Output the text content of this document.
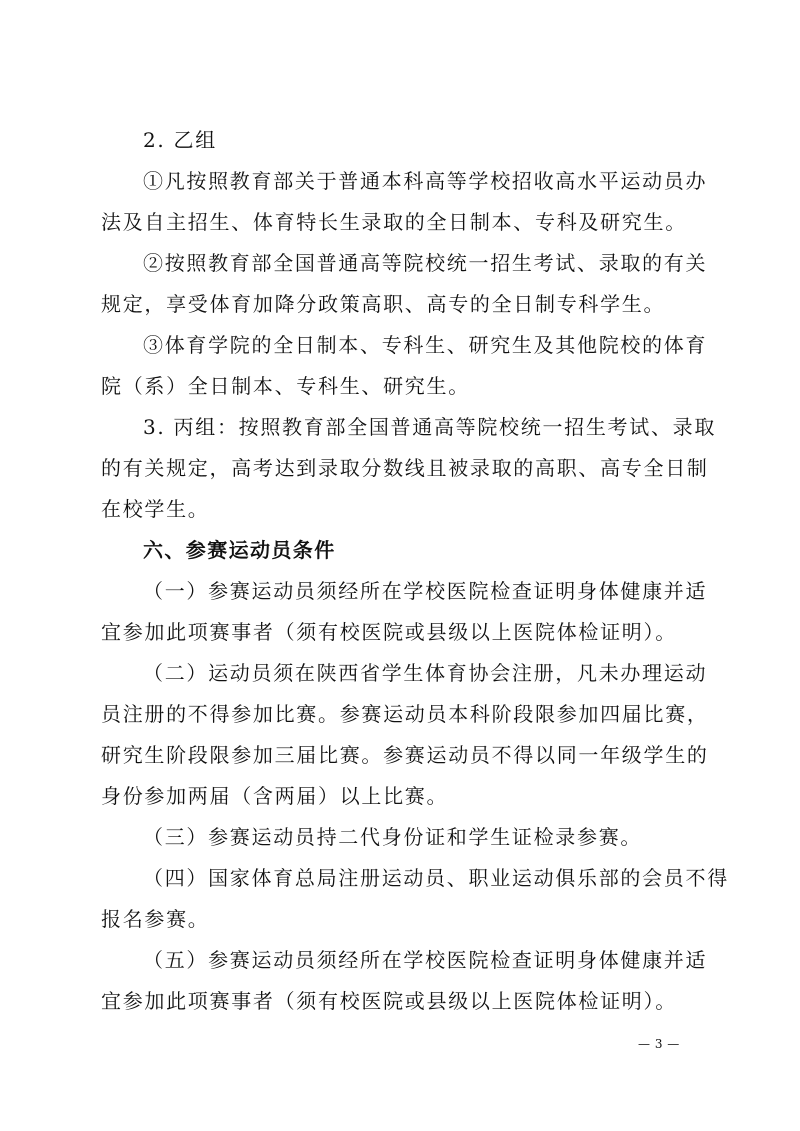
2. 乙组
①凡按照教育部关于普通本科高等学校招收高水平运动员办
法及自主招生、体育特长生录取的全日制本、专科及研究生。
②按照教育部全国普通高等院校统一招生考试、录取的有关
规定，享受体育加降分政策高职、高专的全日制专科学生。
③体育学院的全日制本、专科生、研究生及其他院校的体育
院（系）全日制本、专科生、研究生。
3. 丙组：按照教育部全国普通高等院校统一招生考试、录取
的有关规定，高考达到录取分数线且被录取的高职、高专全日制
在校学生。
六、参赛运动员条件
（一）参赛运动员须经所在学校医院检查证明身体健康并适
宜参加此项赛事者（须有校医院或县级以上医院体检证明）。
（二）运动员须在陕西省学生体育协会注册，凡未办理运动
员注册的不得参加比赛。参赛运动员本科阶段限参加四届比赛，
研究生阶段限参加三届比赛。参赛运动员不得以同一年级学生的
身份参加两届（含两届）以上比赛。
（三）参赛运动员持二代身份证和学生证检录参赛。
（四）国家体育总局注册运动员、职业运动俱乐部的会员不得
报名参赛。
（五）参赛运动员须经所在学校医院检查证明身体健康并适
宜参加此项赛事者（须有校医院或县级以上医院体检证明）。
— 3 —
